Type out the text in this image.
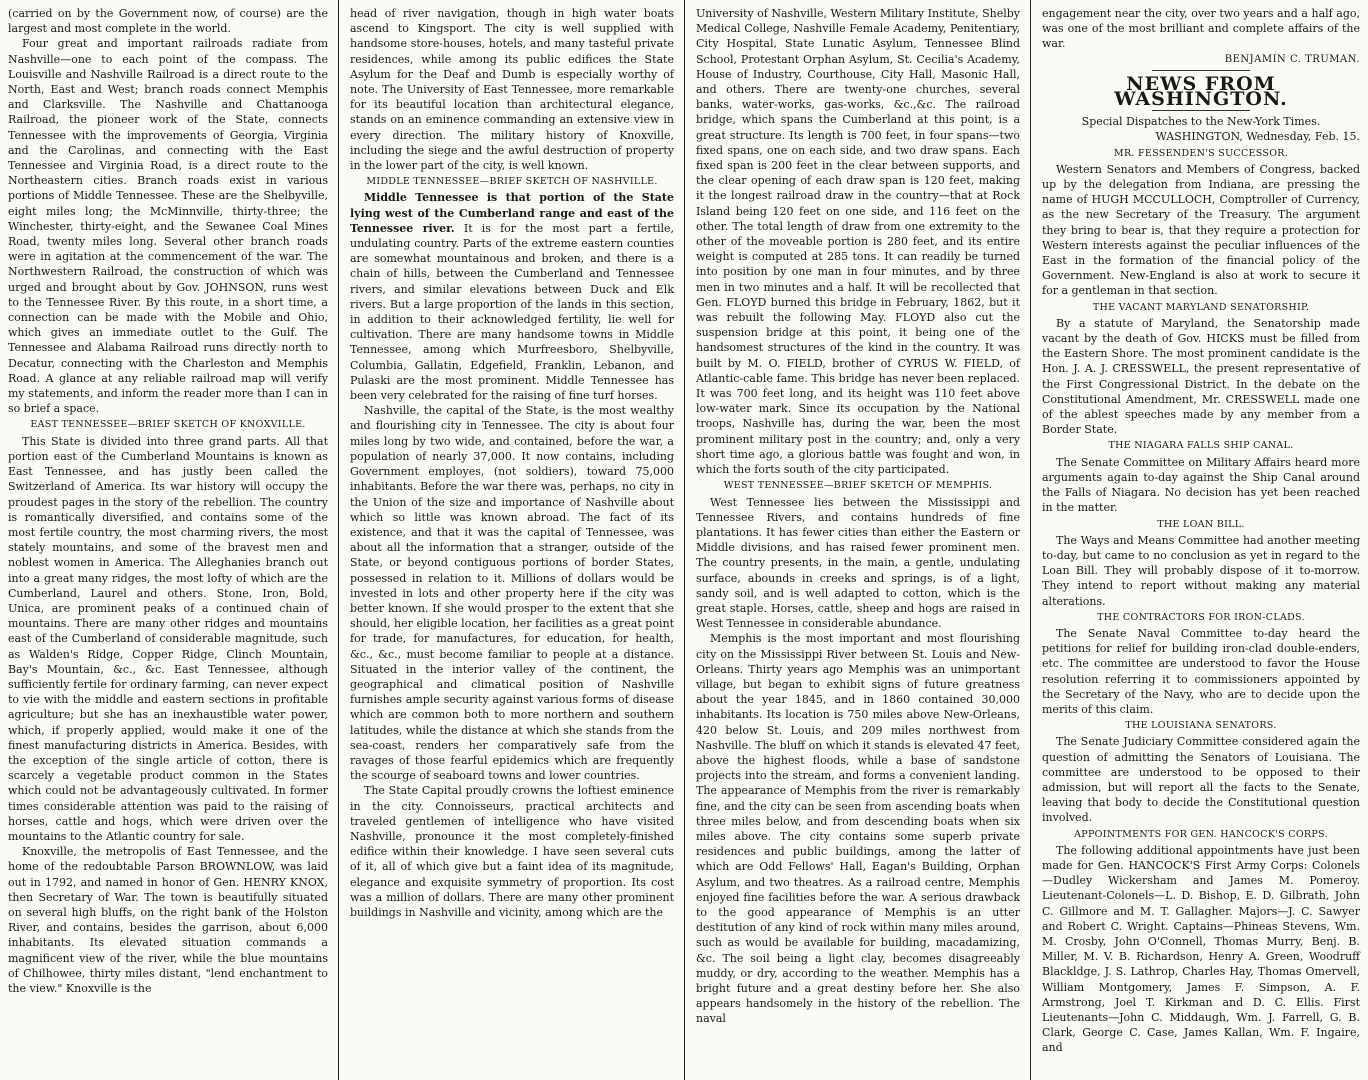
(carried on by the Government now, of course) are the largest and most complete in the world.

Four great and important railroads radiate from Nashville—one to each point of the compass. The Louisville and Nashville Railroad is a direct route to the North, East and West; branch roads connect Memphis and Clarksville. The Nashville and Chattanooga Railroad, the pioneer work of the State, connects Tennessee with the improvements of Georgia, Virginia and the Carolinas, and connecting with the East Tennessee and Virginia Road, is a direct route to the Northeastern cities. Branch roads exist in various portions of Middle Tennessee. These are the Shelbyville, eight miles long; the McMinnville, thirty-three; the Winchester, thirty-eight, and the Sewanee Coal Mines Road, twenty miles long. Several other branch roads were in agitation at the commencement of the war. The Northwestern Railroad, the construction of which was urged and brought about by Gov. JOHNSON, runs west to the Tennessee River. By this route, in a short time, a connection can be made with the Mobile and Ohio, which gives an immediate outlet to the Gulf. The Tennessee and Alabama Railroad runs directly north to Decatur, connecting with the Charleston and Memphis Road. A glance at any reliable railroad map will verify my statements, and inform the reader more than I can in so brief a space.

EAST TENNESSEE—BRIEF SKETCH OF KNOXVILLE.

This State is divided into three grand parts. All that portion east of the Cumberland Mountains is known as East Tennessee, and has justly been called the Switzerland of America. Its war history will occupy the proudest pages in the story of the rebellion. The country is romantically diversified, and contains some of the most fertile country, the most charming rivers, the most stately mountains, and some of the bravest men and noblest women in America. The Alleghanies branch out into a great many ridges, the most lofty of which are the Cumberland, Laurel and others. Stone, Iron, Bold, Unica, are prominent peaks of a continued chain of mountains. There are many other ridges and mountains east of the Cumberland of considerable magnitude, such as Walden's Ridge, Copper Ridge, Clinch Mountain, Bay's Mountain, &c., &c. East Tennessee, although sufficiently fertile for ordinary farming, can never expect to vie with the middle and eastern sections in profitable agriculture; but she has an inexhaustible water power, which, if properly applied, would make it one of the finest manufacturing districts in America. Besides, with the exception of the single article of cotton, there is scarcely a vegetable product common in the States which could not be advantageously cultivated. In former times considerable attention was paid to the raising of horses, cattle and hogs, which were driven over the mountains to the Atlantic country for sale.

Knoxville, the metropolis of East Tennessee, and the home of the redoubtable Parson BROWNLOW, was laid out in 1792, and named in honor of Gen. HENRY KNOX, then Secretary of War. The town is beautifully situated on several high bluffs, on the right bank of the Holston River, and contains, besides the garrison, about 6,000 inhabitants. Its elevated situation commands a magnificent view of the river, while the blue mountains of Chilhowee, thirty miles distant, "lend enchantment to the view." Knoxville is the

head of river navigation, though in high water boats ascend to Kingsport. The city is well supplied with handsome store-houses, hotels, and many tasteful private residences, while among its public edifices the State Asylum for the Deaf and Dumb is especially worthy of note. The University of East Tennessee, more remarkable for its beautiful location than architectural elegance, stands on an eminence commanding an extensive view in every direction. The military history of Knoxville, including the siege and the awful destruction of property in the lower part of the city, is well known.

MIDDLE TENNESSEE—BRIEF SKETCH OF NASHVILLE.

Middle Tennessee is that portion of the State lying west of the Cumberland range and east of the Tennessee river. It is for the most part a fertile, undulating country. Parts of the extreme eastern counties are somewhat mountainous and broken, and there is a chain of hills, between the Cumberland and Tennessee rivers, and similar elevations between Duck and Elk rivers. But a large proportion of the lands in this section, in addition to their acknowledged fertility, lie well for cultivation. There are many handsome towns in Middle Tennessee, among which Murfreesboro, Shelbyville, Columbia, Gallatin, Edgefield, Franklin, Lebanon, and Pulaski are the most prominent. Middle Tennessee has been very celebrated for the raising of fine turf horses.

Nashville, the capital of the State, is the most wealthy and flourishing city in Tennessee. The city is about four miles long by two wide, and contained, before the war, a population of nearly 37,000. It now contains, including Government employes, (not soldiers), toward 75,000 inhabitants. Before the war there was, perhaps, no city in the Union of the size and importance of Nashville about which so little was known abroad. The fact of its existence, and that it was the capital of Tennessee, was about all the information that a stranger, outside of the State, or beyond contiguous portions of border States, possessed in relation to it. Millions of dollars would be invested in lots and other property here if the city was better known. If she would prosper to the extent that she should, her eligible location, her facilities as a great point for trade, for manufactures, for education, for health, &c., &c., must become familiar to people at a distance. Situated in the interior valley of the continent, the geographical and climatical position of Nashville furnishes ample security against various forms of disease which are common both to more northern and southern latitudes, while the distance at which she stands from the sea-coast, renders her comparatively safe from the ravages of those fearful epidemics which are frequently the scourge of seaboard towns and lower countries.

The State Capital proudly crowns the loftiest eminence in the city. Connoisseurs, practical architects and traveled gentlemen of intelligence who have visited Nashville, pronounce it the most completely-finished edifice within their knowledge. I have seen several cuts of it, all of which give but a faint idea of its magnitude, elegance and exquisite symmetry of proportion. Its cost was a million of dollars. There are many other prominent buildings in Nashville and vicinity, among which are the

University of Nashville, Western Military Institute, Shelby Medical College, Nashville Female Academy, Penitentiary, City Hospital, State Lunatic Asylum, Tennessee Blind School, Protestant Orphan Asylum, St. Cecilia's Academy, House of Industry, Courthouse, City Hall, Masonic Hall, and others. There are twenty-one churches, several banks, water-works, gas-works, &c.,&c. The railroad bridge, which spans the Cumberland at this point, is a great structure. Its length is 700 feet, in four spans—two fixed spans, one on each side, and two draw spans. Each fixed span is 200 feet in the clear between supports, and the clear opening of each draw span is 120 feet, making it the longest railroad draw in the country—that at Rock Island being 120 feet on one side, and 116 feet on the other. The total length of draw from one extremity to the other of the moveable portion is 280 feet, and its entire weight is computed at 285 tons. It can readily be turned into position by one man in four minutes, and by three men in two minutes and a half. It will be recollected that Gen. FLOYD burned this bridge in February, 1862, but it was rebuilt the following May. FLOYD also cut the suspension bridge at this point, it being one of the handsomest structures of the kind in the country. It was built by M. O. FIELD, brother of CYRUS W. FIELD, of Atlantic-cable fame. This bridge has never been replaced. It was 700 feet long, and its height was 110 feet above low-water mark. Since its occupation by the National troops, Nashville has, during the war, been the most prominent military post in the country; and, only a very short time ago, a glorious battle was fought and won, in which the forts south of the city participated.

WEST TENNESSEE—BRIEF SKETCH OF MEMPHIS.

West Tennessee lies between the Mississippi and Tennessee Rivers, and contains hundreds of fine plantations. It has fewer cities than either the Eastern or Middle divisions, and has raised fewer prominent men. The country presents, in the main, a gentle, undulating surface, abounds in creeks and springs, is of a light, sandy soil, and is well adapted to cotton, which is the great staple. Horses, cattle, sheep and hogs are raised in West Tennessee in considerable abundance.

Memphis is the most important and most flourishing city on the Mississippi River between St. Louis and New-Orleans. Thirty years ago Memphis was an unimportant village, but began to exhibit signs of future greatness about the year 1845, and in 1860 contained 30,000 inhabitants. Its location is 750 miles above New-Orleans, 420 below St. Louis, and 209 miles northwest from Nashville. The bluff on which it stands is elevated 47 feet, above the highest floods, while a base of sandstone projects into the stream, and forms a convenient landing. The appearance of Memphis from the river is remarkably fine, and the city can be seen from ascending boats when three miles below, and from descending boats when six miles above. The city contains some superb private residences and public buildings, among the latter of which are Odd Fellows' Hall, Eagan's Building, Orphan Asylum, and two theatres. As a railroad centre, Memphis enjoyed fine facilities before the war. A serious drawback to the good appearance of Memphis is an utter destitution of any kind of rock within many miles around, such as would be available for building, macadamizing, &c. The soil being a light clay, becomes disagreeably muddy, or dry, according to the weather. Memphis has a bright future and a great destiny before her. She also appears handsomely in the history of the rebellion. The naval

engagement near the city, over two years and a half ago, was one of the most brilliant and complete affairs of the war.

BENJAMIN C. TRUMAN.
NEWS FROM WASHINGTON.
Special Dispatches to the New-York Times.
WASHINGTON, Wednesday, Feb. 15.
MR. FESSENDEN'S SUCCESSOR.

Western Senators and Members of Congress, backed up by the delegation from Indiana, are pressing the name of HUGH MCCULLOCH, Comptroller of Currency, as the new Secretary of the Treasury. The argument they bring to bear is, that they require a protection for Western interests against the peculiar influences of the East in the formation of the financial policy of the Government. New-England is also at work to secure it for a gentleman in that section.

THE VACANT MARYLAND SENATORSHIP.

By a statute of Maryland, the Senatorship made vacant by the death of Gov. HICKS must be filled from the Eastern Shore. The most prominent candidate is the Hon. J. A. J. CRESSWELL, the present representative of the First Congressional District. In the debate on the Constitutional Amendment, Mr. CRESSWELL made one of the ablest speeches made by any member from a Border State.

THE NIAGARA FALLS SHIP CANAL.

The Senate Committee on Military Affairs heard more arguments again to-day against the Ship Canal around the Falls of Niagara. No decision has yet been reached in the matter.

THE LOAN BILL.

The Ways and Means Committee had another meeting to-day, but came to no conclusion as yet in regard to the Loan Bill. They will probably dispose of it to-morrow. They intend to report without making any material alterations.

THE CONTRACTORS FOR IRON-CLADS.

The Senate Naval Committee to-day heard the petitions for relief for building iron-clad double-enders, etc. The committee are understood to favor the House resolution referring it to commissioners appointed by the Secretary of the Navy, who are to decide upon the merits of this claim.

THE LOUISIANA SENATORS.

The Senate Judiciary Committee considered again the question of admitting the Senators of Louisiana. The committee are understood to be opposed to their admission, but will report all the facts to the Senate, leaving that body to decide the Constitutional question involved.

APPOINTMENTS FOR GEN. HANCOCK'S CORPS.

The following additional appointments have just been made for Gen. HANCOCK'S First Army Corps: Colonels—Dudley Wickersham and James M. Pomeroy. Lieutenant-Colonels—L. D. Bishop, E. D. Gilbrath, John C. Gillmore and M. T. Gallagher. Majors—J. C. Sawyer and Robert C. Wright. Captains—Phineas Stevens, Wm. M. Crosby, John O'Connell, Thomas Murry, Benj. B. Miller, M. V. B. Richardson, Henry A. Green, Woodruff Blackldge, J. S. Lathrop, Charles Hay, Thomas Omervell, William Montgomery, James F. Simpson, A. F. Armstrong, Joel T. Kirkman and D. C. Ellis. First Lieutenants—John C. Middaugh, Wm. J. Farrell, G. B. Clark, George C. Case, James Kallan, Wm. F. Ingaire, and
